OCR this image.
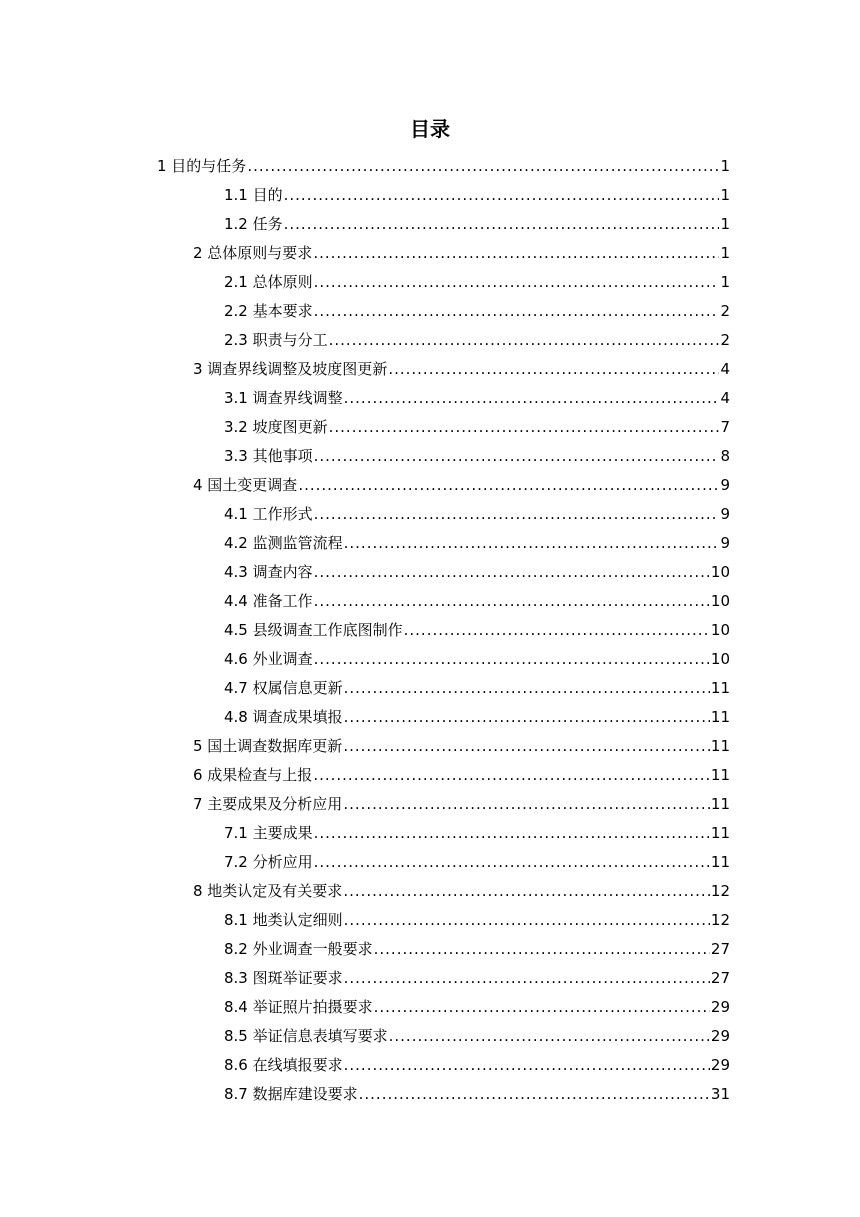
目录
1 目的与任务 .....	1
1.1 目的 .....	1
1.2 任务 .....	1
2 总体原则与要求 .....	1
2.1 总体原则 .....	1
2.2 基本要求 .....	2
2.3 职责与分工 .....	2
3 调查界线调整及坡度图更新 .....	4
3.1 调查界线调整 .....	4
3.2 坡度图更新 .....	7
3.3 其他事项 .....	8
4 国土变更调查 .....	9
4.1 工作形式 .....	9
4.2 监测监管流程 .....	9
4.3 调查内容 .....	10
4.4 准备工作 .....	10
4.5 县级调查工作底图制作 .....	10
4.6 外业调查 .....	10
4.7 权属信息更新 .....	11
4.8 调查成果填报 .....	11
5 国土调查数据库更新 .....	11
6 成果检查与上报 .....	11
7 主要成果及分析应用 .....	11
7.1 主要成果 .....	11
7.2 分析应用 .....	11
8 地类认定及有关要求 .....	12
8.1 地类认定细则 .....	12
8.2 外业调查一般要求 .....	27
8.3 图斑举证要求 .....	27
8.4 举证照片拍摄要求 .....	29
8.5 举证信息表填写要求 .....	29
8.6 在线填报要求 .....	29
8.7 数据库建设要求 .....	31
